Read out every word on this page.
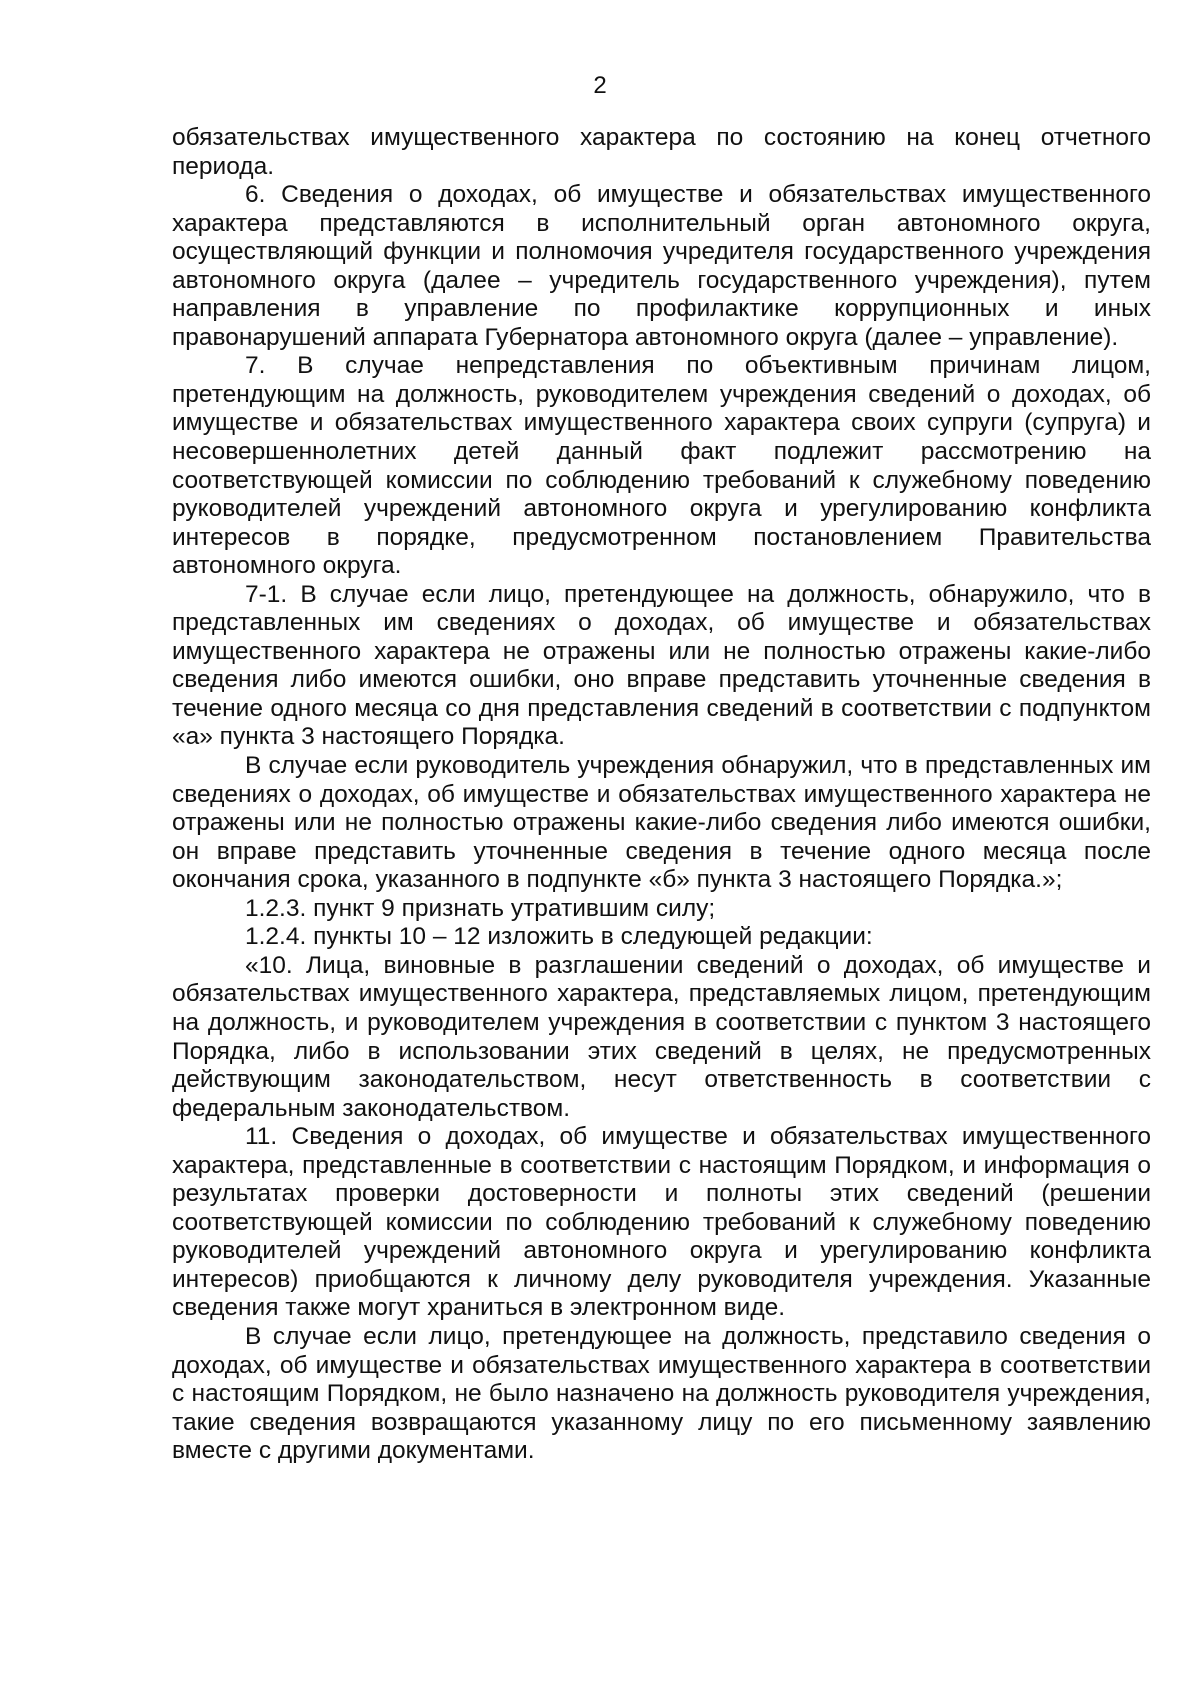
2

обязательствах имущественного характера по состоянию на конец отчетного периода.

6. Сведения о доходах, об имуществе и обязательствах имущественного характера представляются в исполнительный орган автономного округа, осуществляющий функции и полномочия учредителя государственного учреждения автономного округа (далее – учредитель государственного учреждения), путем направления в управление по профилактике коррупционных и иных правонарушений аппарата Губернатора автономного округа (далее – управление).

7. В случае непредставления по объективным причинам лицом, претендующим на должность, руководителем учреждения сведений о доходах, об имуществе и обязательствах имущественного характера своих супруги (супруга) и несовершеннолетних детей данный факт подлежит рассмотрению на соответствующей комиссии по соблюдению требований к служебному поведению руководителей учреждений автономного округа и урегулированию конфликта интересов в порядке, предусмотренном постановлением Правительства автономного округа.

7-1. В случае если лицо, претендующее на должность, обнаружило, что в представленных им сведениях о доходах, об имуществе и обязательствах имущественного характера не отражены или не полностью отражены какие-либо сведения либо имеются ошибки, оно вправе представить уточненные сведения в течение одного месяца со дня представления сведений в соответствии с подпунктом «а» пункта 3 настоящего Порядка.

В случае если руководитель учреждения обнаружил, что в представленных им сведениях о доходах, об имуществе и обязательствах имущественного характера не отражены или не полностью отражены какие-либо сведения либо имеются ошибки, он вправе представить уточненные сведения в течение одного месяца после окончания срока, указанного в подпункте «б» пункта 3 настоящего Порядка.»;

1.2.3. пункт 9 признать утратившим силу;

1.2.4. пункты 10 – 12 изложить в следующей редакции:

«10. Лица, виновные в разглашении сведений о доходах, об имуществе и обязательствах имущественного характера, представляемых лицом, претендующим на должность, и руководителем учреждения в соответствии с пунктом 3 настоящего Порядка, либо в использовании этих сведений в целях, не предусмотренных действующим законодательством, несут ответственность в соответствии с федеральным законодательством.

11. Сведения о доходах, об имуществе и обязательствах имущественного характера, представленные в соответствии с настоящим Порядком, и информация о результатах проверки достоверности и полноты этих сведений (решении соответствующей комиссии по соблюдению требований к служебному поведению руководителей учреждений автономного округа и урегулированию конфликта интересов) приобщаются к личному делу руководителя учреждения. Указанные сведения также могут храниться в электронном виде.

В случае если лицо, претендующее на должность, представило сведения о доходах, об имуществе и обязательствах имущественного характера в соответствии с настоящим Порядком, не было назначено на должность руководителя учреждения, такие сведения возвращаются указанному лицу по его письменному заявлению вместе с другими документами.
